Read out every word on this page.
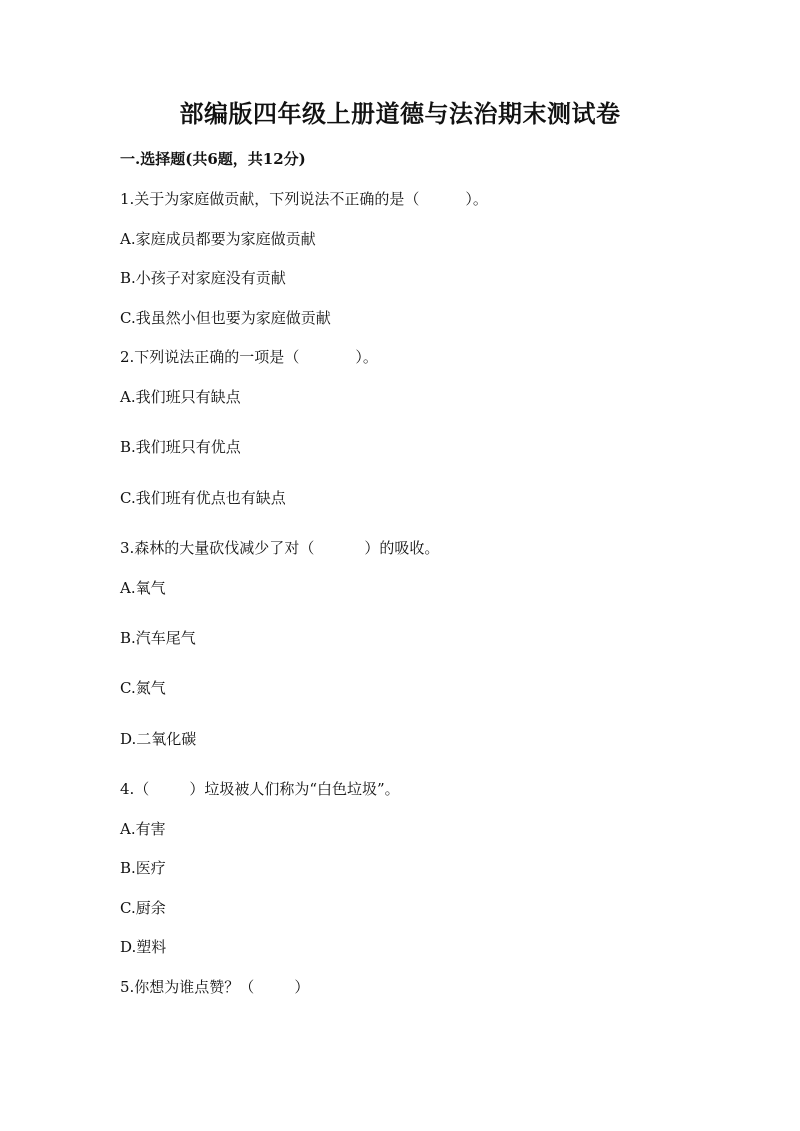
部编版四年级上册道德与法治期末测试卷
一.选择题(共6题，共12分)
1.关于为家庭做贡献，下列说法不正确的是（	）。
A.家庭成员都要为家庭做贡献
B.小孩子对家庭没有贡献
C.我虽然小但也要为家庭做贡献
2.下列说法正确的一项是（	）。
A.我们班只有缺点
B.我们班只有优点
C.我们班有优点也有缺点
3.森林的大量砍伐减少了对（	）的吸收。
A.氧气
B.汽车尾气
C.氮气
D.二氧化碳
4.（	）垃圾被人们称为“白色垃圾”。
A.有害
B.医疗
C.厨余
D.塑料
5.你想为谁点赞？（	）
